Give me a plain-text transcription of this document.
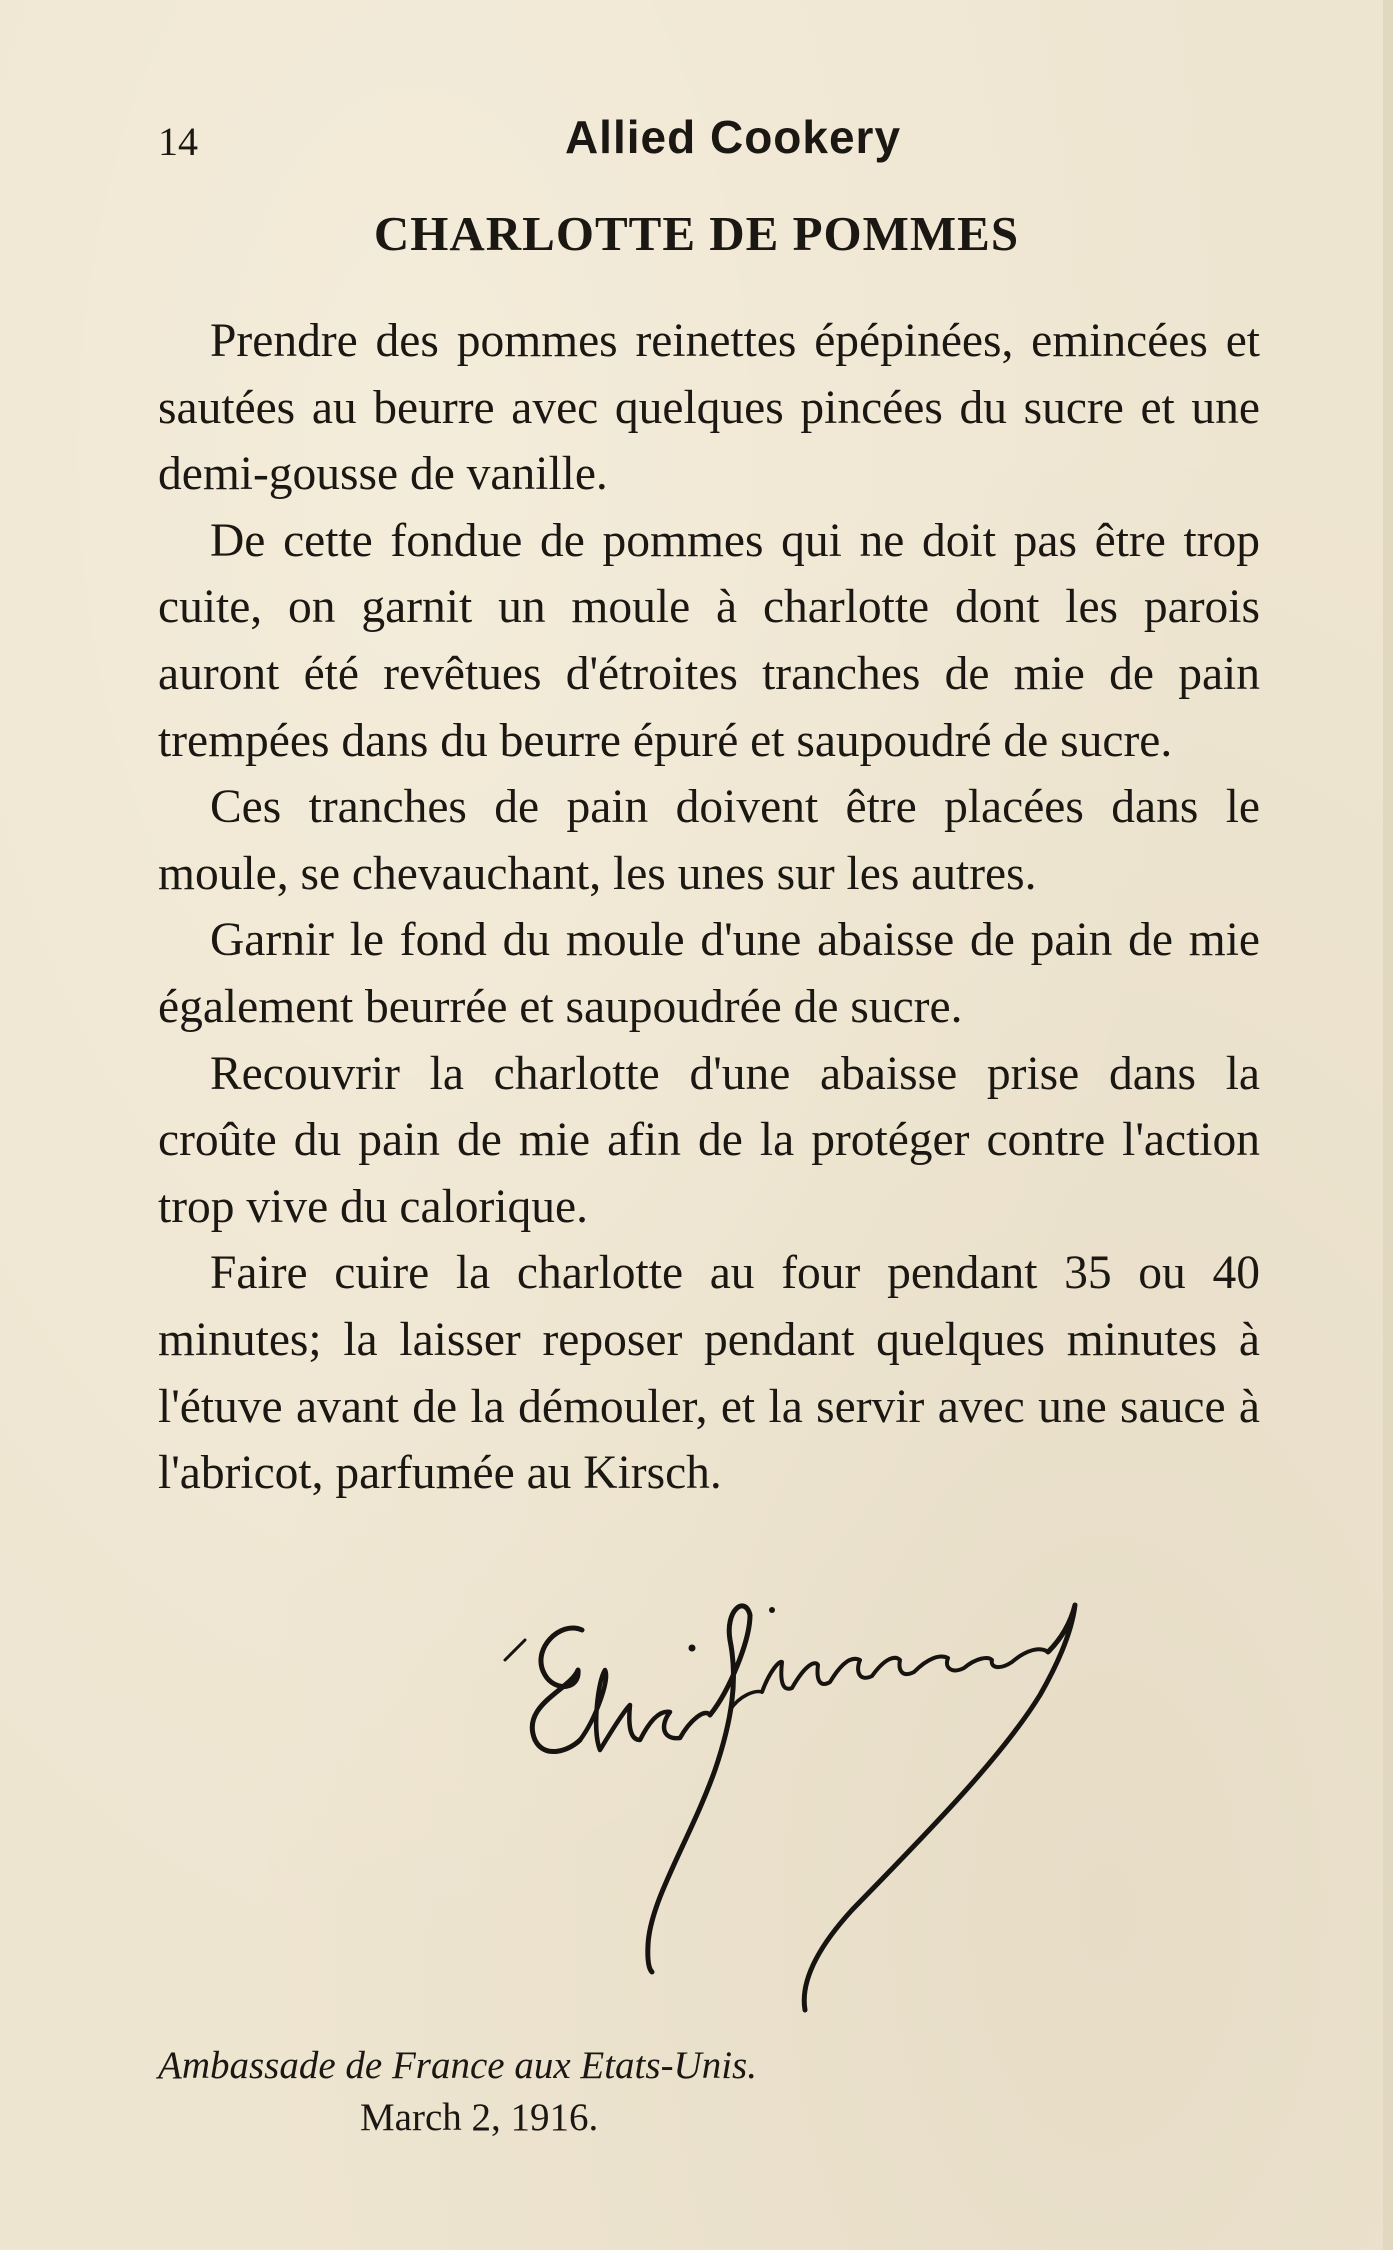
14	Allied Cookery
CHARLOTTE DE POMMES

Prendre des pommes reinettes épépinées, emincées et sautées au beurre avec quelques pincées du sucre et une demi-gousse de vanille.

De cette fondue de pommes qui ne doit pas être trop cuite, on garnit un moule à charlotte dont les parois auront été revêtues d'étroites tranches de mie de pain trempées dans du beurre épuré et saupoudré de sucre.

Ces tranches de pain doivent être placées dans le moule, se chevauchant, les unes sur les autres.

Garnir le fond du moule d'une abaisse de pain de mie également beurrée et saupoudrée de sucre.

Recouvrir la charlotte d'une abaisse prise dans la croûte du pain de mie afin de la protéger contre l'action trop vive du calorique.

Faire cuire la charlotte au four pendant 35 ou 40 minutes; la laisser reposer pendant quelques minutes à l'étuve avant de la démouler, et la servir avec une sauce à l'abricot, parfumée au Kirsch.

Ambassade de France aux Etats-Unis.
March 2, 1916.
